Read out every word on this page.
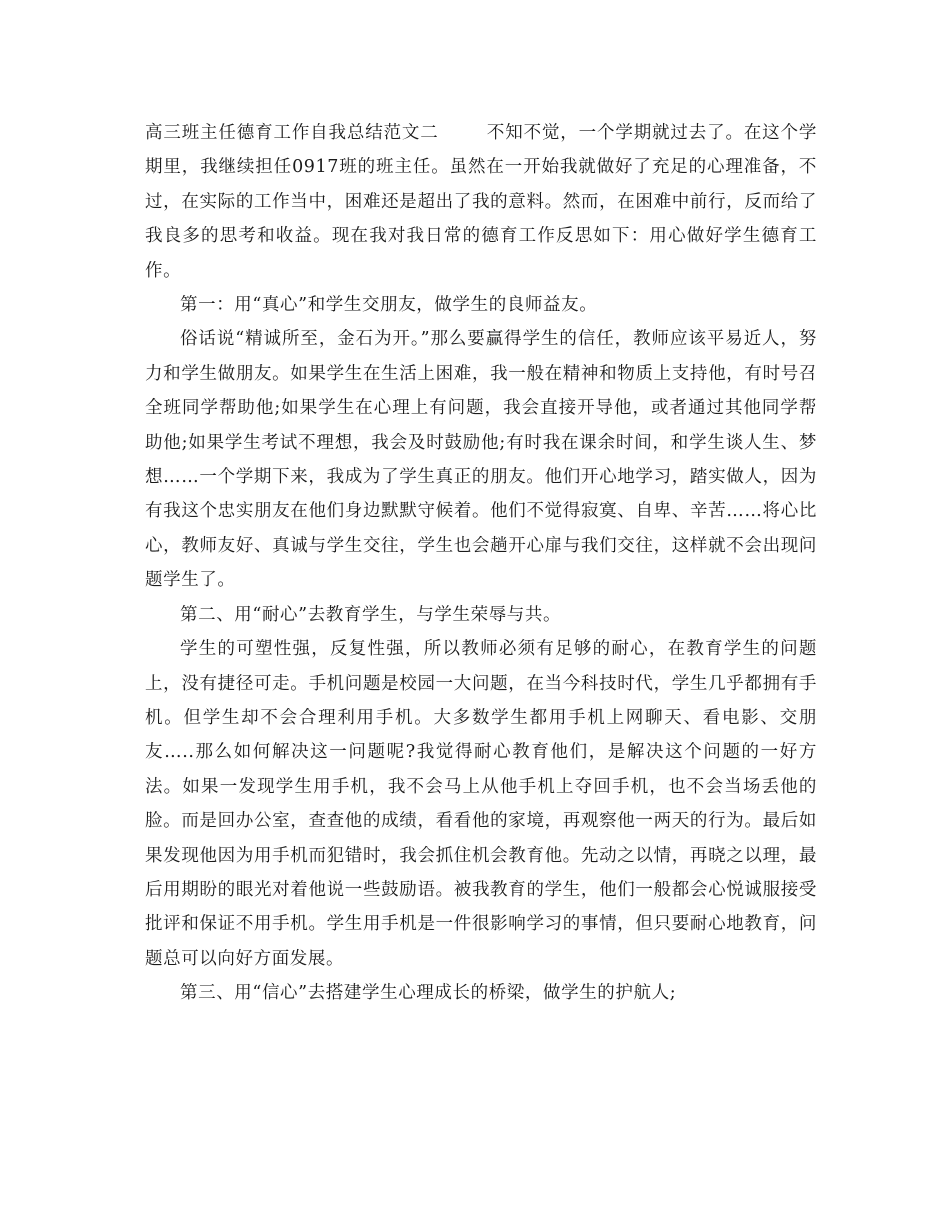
高三班主任德育工作自我总结范文二	不知不觉，一个学期就过去了。在这个学期里，我继续担任0917班的班主任。虽然在一开始我就做好了充足的心理准备，不过，在实际的工作当中，困难还是超出了我的意料。然而，在困难中前行，反而给了我良多的思考和收益。现在我对我日常的德育工作反思如下：用心做好学生德育工作。

第一：用“真心”和学生交朋友，做学生的良师益友。

俗话说“精诚所至，金石为开。”那么要赢得学生的信任，教师应该平易近人，努力和学生做朋友。如果学生在生活上困难，我一般在精神和物质上支持他，有时号召全班同学帮助他;如果学生在心理上有问题，我会直接开导他，或者通过其他同学帮助他;如果学生考试不理想，我会及时鼓励他;有时我在课余时间，和学生谈人生、梦想……一个学期下来，我成为了学生真正的朋友。他们开心地学习，踏实做人，因为有我这个忠实朋友在他们身边默默守候着。他们不觉得寂寞、自卑、辛苦……将心比心，教师友好、真诚与学生交往，学生也会趟开心扉与我们交往，这样就不会出现问题学生了。

第二、用“耐心”去教育学生，与学生荣辱与共。

学生的可塑性强，反复性强，所以教师必须有足够的耐心，在教育学生的问题上，没有捷径可走。手机问题是校园一大问题，在当今科技时代，学生几乎都拥有手机。但学生却不会合理利用手机。大多数学生都用手机上网聊天、看电影、交朋友…..那么如何解决这一问题呢?我觉得耐心教育他们，是解决这个问题的一好方法。如果一发现学生用手机，我不会马上从他手机上夺回手机，也不会当场丢他的脸。而是回办公室，查查他的成绩，看看他的家境，再观察他一两天的行为。最后如果发现他因为用手机而犯错时，我会抓住机会教育他。先动之以情，再晓之以理，最后用期盼的眼光对着他说一些鼓励语。被我教育的学生，他们一般都会心悦诚服接受批评和保证不用手机。学生用手机是一件很影响学习的事情，但只要耐心地教育，问题总可以向好方面发展。

第三、用“信心”去搭建学生心理成长的桥梁，做学生的护航人;
